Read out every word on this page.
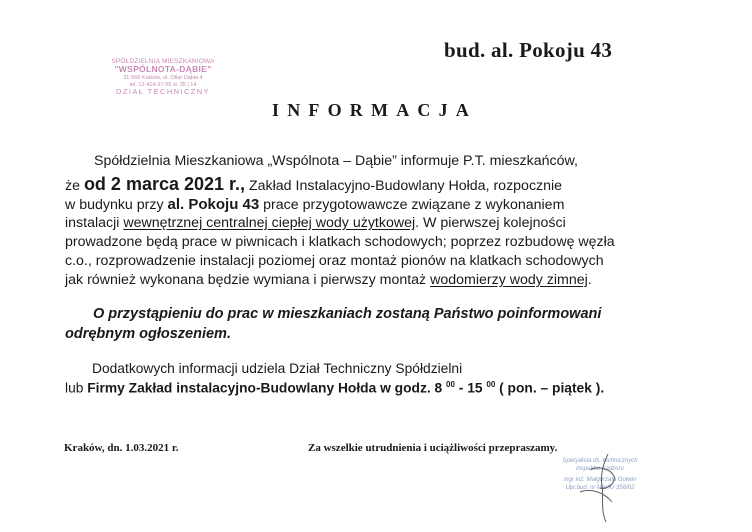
SPÓŁDZIELNIA MIESZKANIOWA
"WSPÓLNOTA-DĄBIE"
31-566 Kraków, ul. Ofiar Dąbia 4
tel. 12-414-37-55 w. 35 | 14
DZIAŁ TECHNICZNY
bud. al. Pokoju 43
INFORMACJA
Spółdzielnia Mieszkaniowa „Wspólnota – Dąbie” informuje P.T. mieszkańców,
że od 2 marca 2021 r., Zakład Instalacyjno-Budowlany Hołda, rozpocznie
w budynku przy al. Pokoju 43 prace przygotowawcze związane z wykonaniem
instalacji wewnętrznej centralnej ciepłej wody użytkowej. W pierwszej kolejności
prowadzone będą prace w piwnicach i klatkach schodowych; poprzez rozbudowę węzła
c.o., rozprowadzenie instalacji poziomej oraz montaż pionów na klatkach schodowych
jak również wykonana będzie wymiana i pierwszy montaż wodomierzy wody zimnej.
O przystąpieniu do prac w mieszkaniach zostaną Państwo poinformowani
odrębnym ogłoszeniem.
Dodatkowych informacji udziela Dział Techniczny Spółdzielni
lub Firmy Zakład instalacyjno-Budowlany Hołda w godz. 8 $^{00}$ - 15 $^{00}$ ( pon. – piątek ).
Kraków, dn. 1.03.2021 r.	Za wszelkie utrudnienia i uciążliwości przepraszamy.
Specjalista ds. technicznych
inspektor nadzoru
mgr inż. Małgorzata Gołwin
Upr.bud. nr Mał/Kr 356/02
